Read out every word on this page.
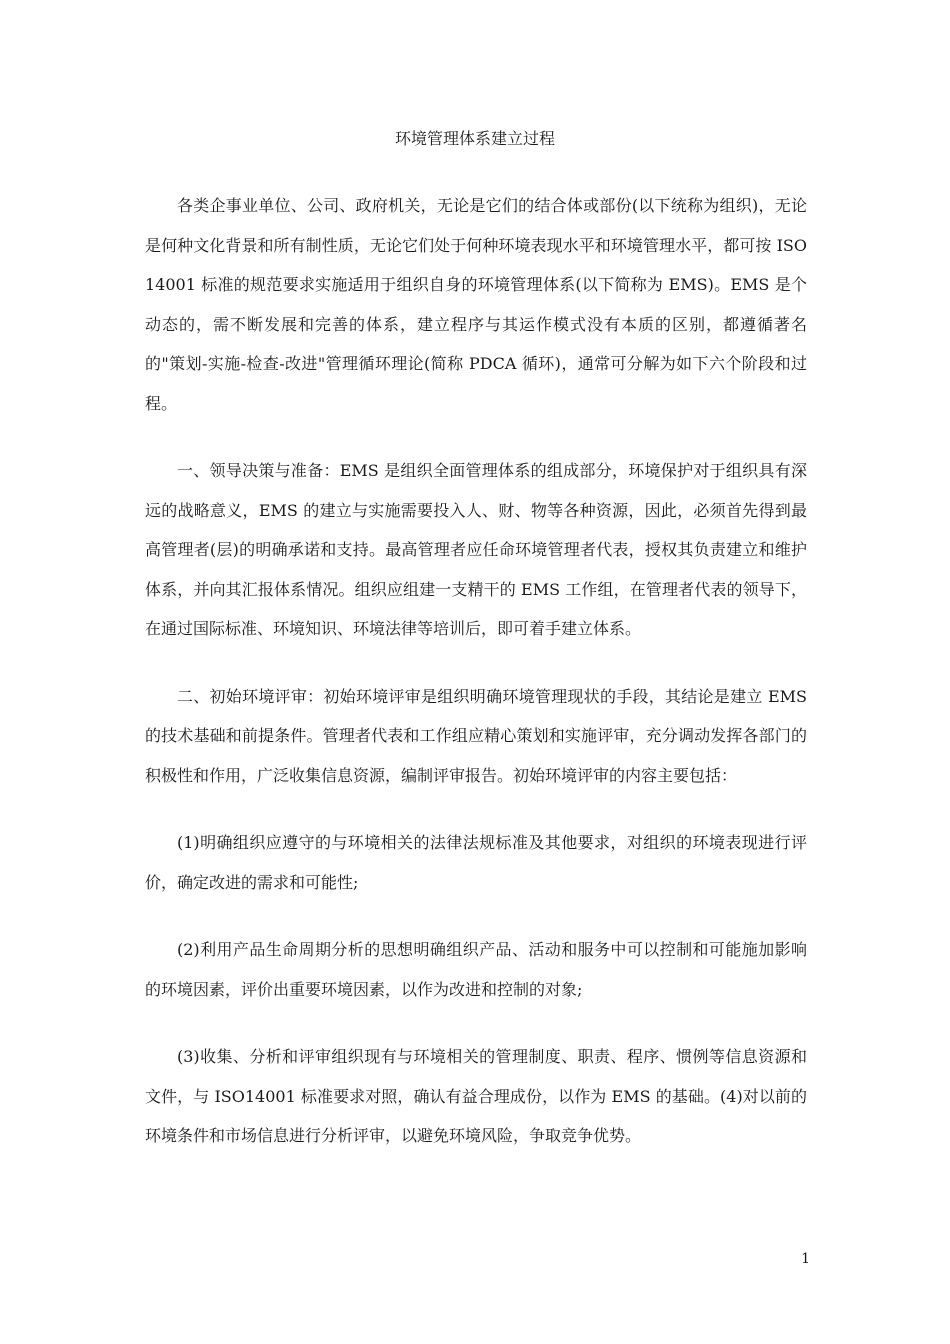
环境管理体系建立过程

各类企事业单位、公司、政府机关，无论是它们的结合体或部份(以下统称为组织)，无论是何种文化背景和所有制性质，无论它们处于何种环境表现水平和环境管理水平，都可按 ISO14001 标准的规范要求实施适用于组织自身的环境管理体系(以下简称为 EMS)。EMS 是个动态的，需不断发展和完善的体系，建立程序与其运作模式没有本质的区别，都遵循著名的"策划-实施-检查-改进"管理循环理论(简称 PDCA 循环)，通常可分解为如下六个阶段和过程。

一、领导决策与准备：EMS 是组织全面管理体系的组成部分，环境保护对于组织具有深远的战略意义，EMS 的建立与实施需要投入人、财、物等各种资源，因此，必须首先得到最高管理者(层)的明确承诺和支持。最高管理者应任命环境管理者代表，授权其负责建立和维护体系，并向其汇报体系情况。组织应组建一支精干的 EMS 工作组，在管理者代表的领导下，在通过国际标准、环境知识、环境法律等培训后，即可着手建立体系。

二、初始环境评审：初始环境评审是组织明确环境管理现状的手段，其结论是建立 EMS 的技术基础和前提条件。管理者代表和工作组应精心策划和实施评审，充分调动发挥各部门的积极性和作用，广泛收集信息资源，编制评审报告。初始环境评审的内容主要包括：

(1)明确组织应遵守的与环境相关的法律法规标准及其他要求，对组织的环境表现进行评价，确定改进的需求和可能性;

(2)利用产品生命周期分析的思想明确组织产品、活动和服务中可以控制和可能施加影响的环境因素，评价出重要环境因素，以作为改进和控制的对象;

(3)收集、分析和评审组织现有与环境相关的管理制度、职责、程序、惯例等信息资源和文件，与 ISO14001 标准要求对照，确认有益合理成份，以作为 EMS 的基础。(4)对以前的环境条件和市场信息进行分析评审，以避免环境风险，争取竞争优势。

1
